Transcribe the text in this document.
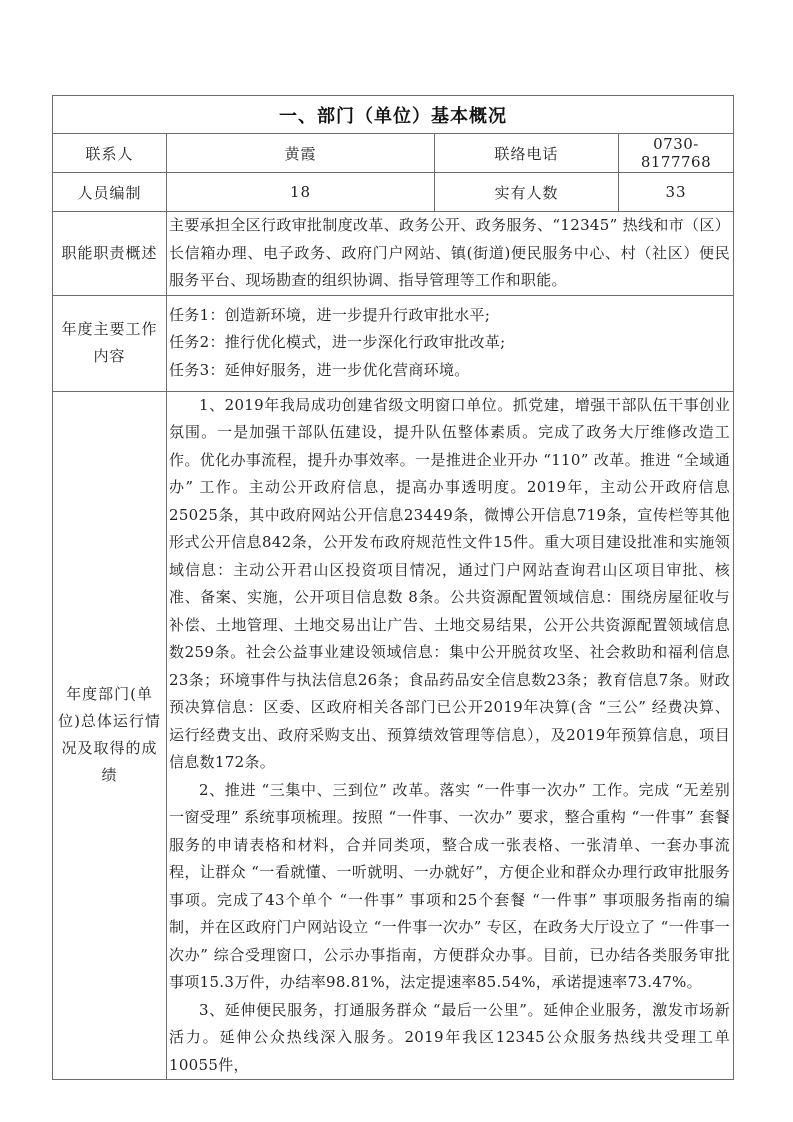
一、部门（单位）基本概况			
联系人	黄霞	联络电话	0730-8177768
人员编制	18	实有人数	33
职能职责概述	主要承担全区行政审批制度改革、政务公开、政务服务、“12345” 热线和市（区）长信箱办理、电子政务、政府门户网站、镇(街道)便民服务中心、村（社区）便民服务平台、现场勘查的组织协调、指导管理等工作和职能。		
年度主要工作内容	任务1：创造新环境，进一步提升行政审批水平;

任务2：推行优化模式，进一步深化行政审批改革;

任务3：延伸好服务，进一步优化营商环境。		

年度部门(单位)总体运行情况及取得的成绩	1、2019年我局成功创建省级文明窗口单位。抓党建，增强干部队伍干事创业氛围。一是加强干部队伍建设，提升队伍整体素质。完成了政务大厅维修改造工作。优化办事流程，提升办事效率。一是推进企业开办 “110” 改革。推进 “全域通办” 工作。主动公开政府信息，提高办事透明度。2019年，主动公开政府信息25025条，其中政府网站公开信息23449条，微博公开信息719条，宣传栏等其他形式公开信息842条，公开发布政府规范性文件15件。重大项目建设批准和实施领域信息：主动公开君山区投资项目情况，通过门户网站查询君山区项目审批、核准、备案、实施，公开项目信息数 8条。公共资源配置领域信息：围绕房屋征收与补偿、土地管理、土地交易出让广告、土地交易结果，公开公共资源配置领域信息数259条。社会公益事业建设领域信息：集中公开脱贫攻坚、社会救助和福利信息23条；环境事件与执法信息26条；食品药品安全信息数23条；教育信息7条。财政预决算信息：区委、区政府相关各部门已公开2019年决算(含 “三公” 经费决算、运行经费支出、政府采购支出、预算绩效管理等信息），及2019年预算信息，项目信息数172条。

2、推进 “三集中、三到位” 改革。落实 “一件事一次办” 工作。完成 “无差别一窗受理” 系统事项梳理。按照 “一件事、一次办” 要求，整合重构 “一件事” 套餐服务的申请表格和材料，合并同类项，整合成一张表格、一张清单、一套办事流程，让群众 “一看就懂、一听就明、一办就好”，方便企业和群众办理行政审批服务事项。完成了43个单个 “一件事” 事项和25个套餐 “一件事” 事项服务指南的编制，并在区政府门户网站设立 “一件事一次办” 专区，在政务大厅设立了 “一件事一次办” 综合受理窗口，公示办事指南，方便群众办事。目前，已办结各类服务审批事项15.3万件，办结率98.81%，法定提速率85.54%，承诺提速率73.47%。

3、延伸便民服务，打通服务群众 “最后一公里”。延伸企业服务，激发市场新活力。延伸公众热线深入服务。2019年我区12345公众服务热线共受理工单10055件，		
